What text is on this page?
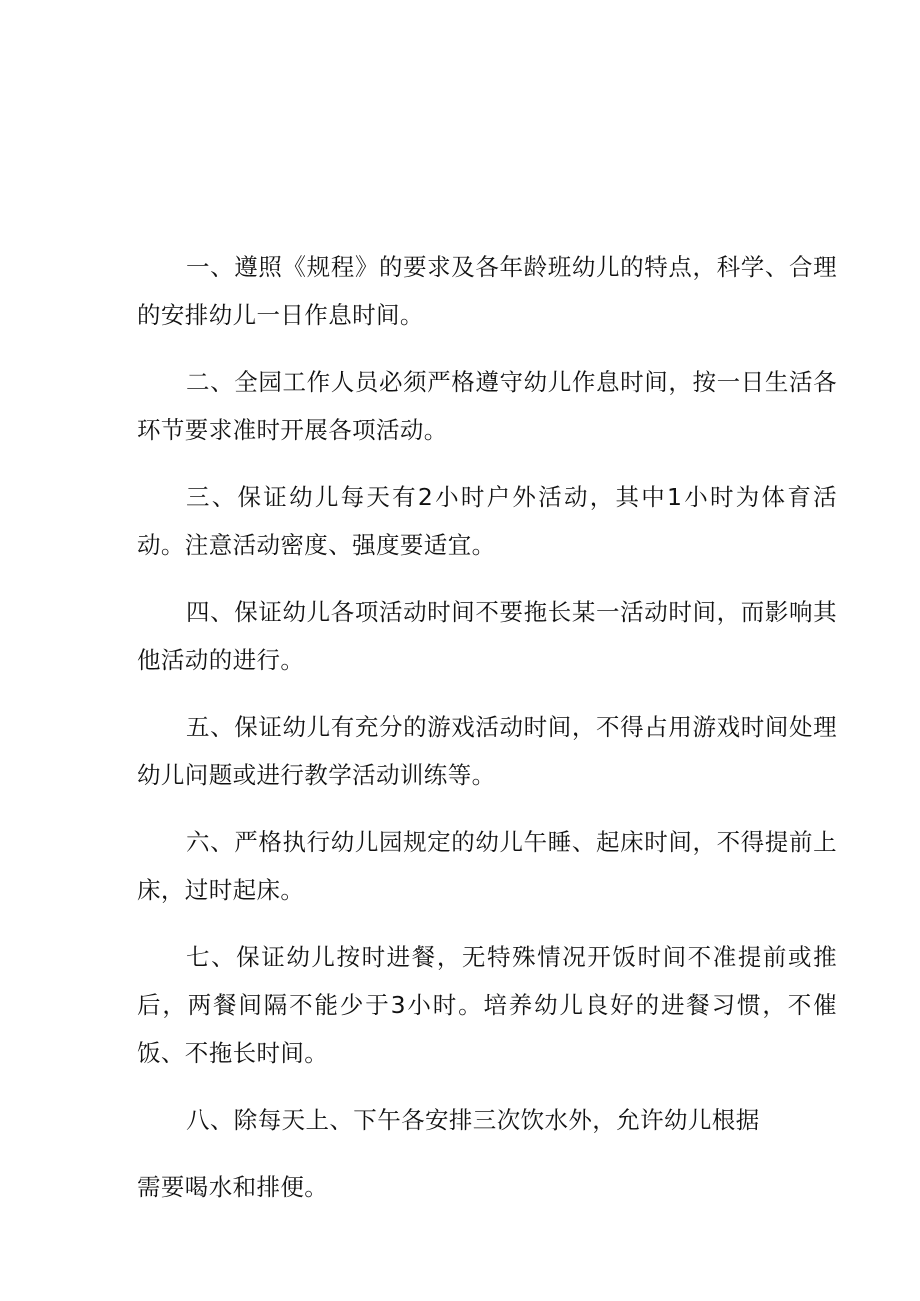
一、遵照《规程》的要求及各年龄班幼儿的特点，科学、合理的安排幼儿一日作息时间。

二、全园工作人员必须严格遵守幼儿作息时间，按一日生活各环节要求准时开展各项活动。

三、保证幼儿每天有2小时户外活动，其中1小时为体育活动。注意活动密度、强度要适宜。

四、保证幼儿各项活动时间不要拖长某一活动时间，而影响其他活动的进行。

五、保证幼儿有充分的游戏活动时间，不得占用游戏时间处理幼儿问题或进行教学活动训练等。

六、严格执行幼儿园规定的幼儿午睡、起床时间，不得提前上床，过时起床。

七、保证幼儿按时进餐，无特殊情况开饭时间不准提前或推后，两餐间隔不能少于3小时。培养幼儿良好的进餐习惯，不催饭、不拖长时间。

八、除每天上、下午各安排三次饮水外，允许幼儿根据

需要喝水和排便。
